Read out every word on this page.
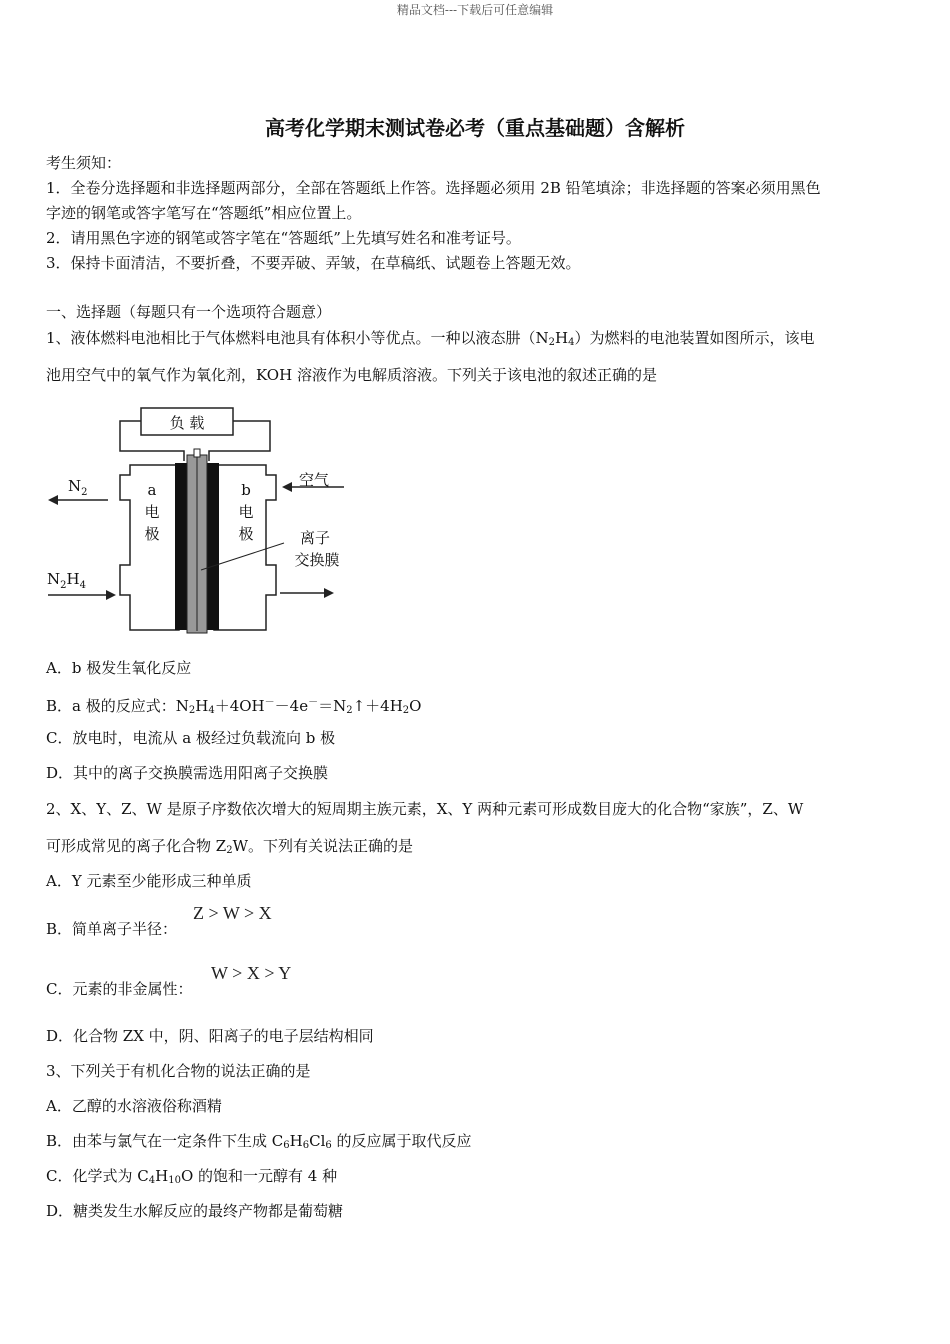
精品文档---下载后可任意编辑
高考化学期末测试卷必考（重点基础题）含解析
考生须知：
1．全卷分选择题和非选择题两部分，全部在答题纸上作答。选择题必须用 2B 铅笔填涂；非选择题的答案必须用黑色
字迹的钢笔或答字笔写在“答题纸”相应位置上。
2．请用黑色字迹的钢笔或答字笔在“答题纸”上先填写姓名和准考证号。
3．保持卡面清洁，不要折叠，不要弄破、弄皱，在草稿纸、试题卷上答题无效。
一、选择题（每题只有一个选项符合题意）
1、液体燃料电池相比于气体燃料电池具有体积小等优点。一种以液态肼$(N_2H_4)$为燃料的电池装置如图所示，该电
池用空气中的氧气作为氧化剂，KOH 溶液作为电解质溶液。下列关于该电池的叙述正确的是
负 载
$N_2$
$N_2H_4$
空气
a
电
极
b
电
极	离子
交换膜
A．b 极发生氧化反应
B．a 极的反应式：$N_2H_4+4OH^--4e^-=N_2↑+4H_2O$
C．放电时，电流从 a 极经过负载流向 b 极
D．其中的离子交换膜需选用阳离子交换膜
2、X、Y、Z、W 是原子序数依次增大的短周期主族元素，X、Y 两种元素可形成数目庞大的化合物“家族”，Z、W
可形成常见的离子化合物 $Z_2W$。下列有关说法正确的是
A．Y 元素至少能形成三种单质
B．简单离子半径：
Z > W > X
C．元素的非金属性：
W > X > Y
D．化合物 ZX 中，阴、阳离子的电子层结构相同
3、下列关于有机化合物的说法正确的是
A．乙醇的水溶液俗称酒精
B．由苯与氯气在一定条件下生成 $C_6H_6Cl_6$ 的反应属于取代反应
C．化学式为 $C_4H_{10}O$ 的饱和一元醇有 4 种
D．糖类发生水解反应的最终产物都是葡萄糖
